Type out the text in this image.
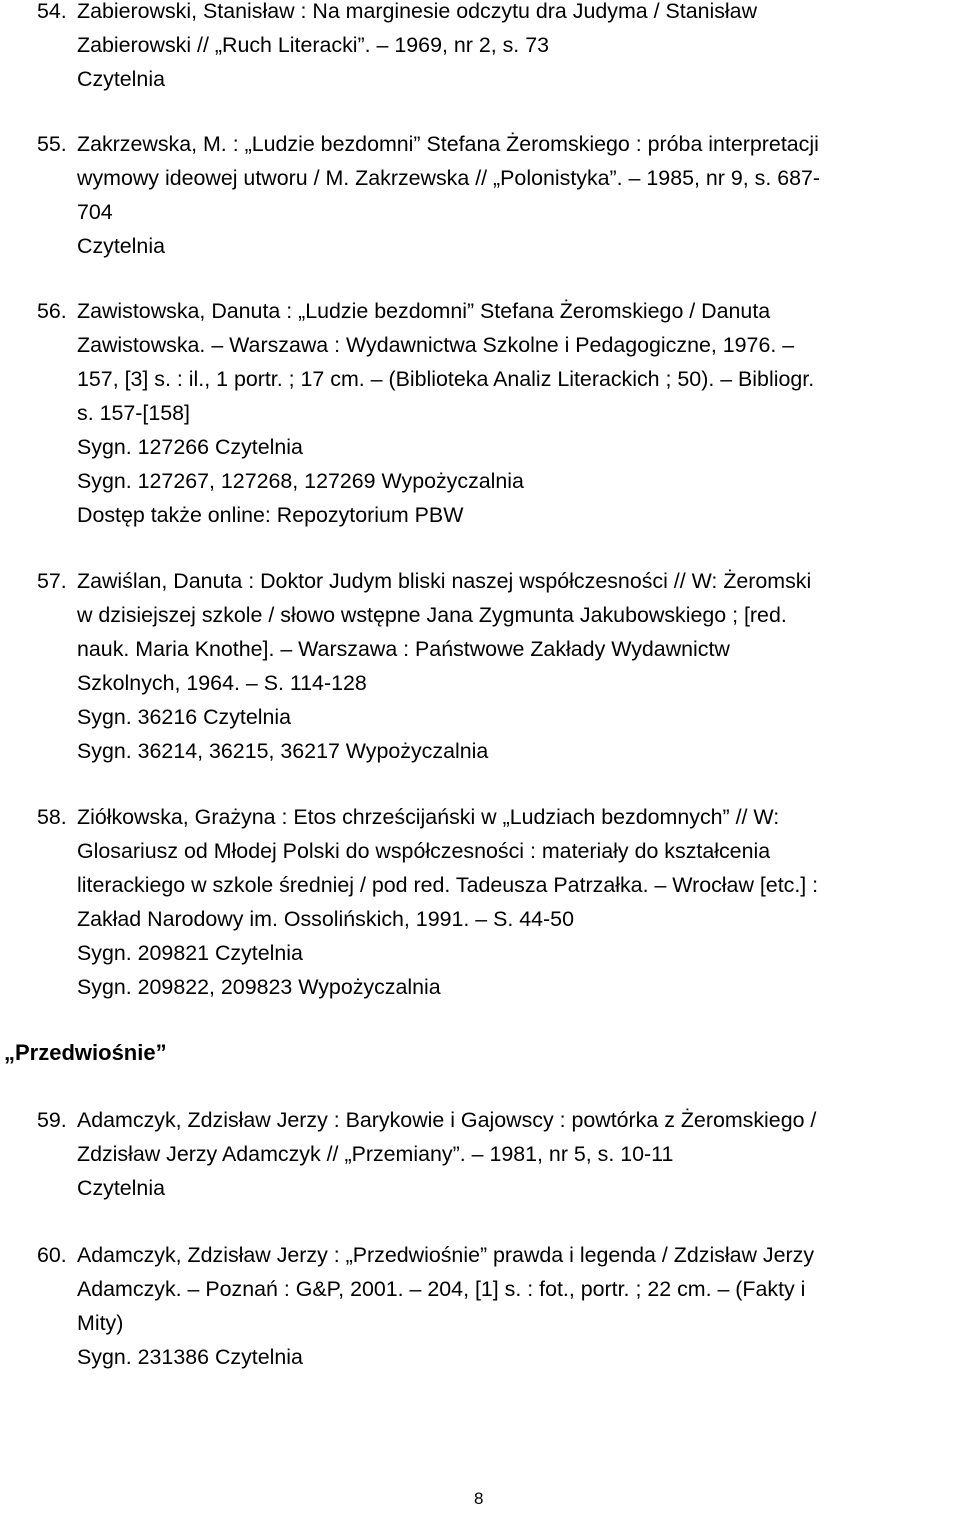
54. Zabierowski, Stanisław : Na marginesie odczytu dra Judyma / Stanisław
Zabierowski // „Ruch Literacki”. – 1969, nr 2, s. 73
Czytelnia
55. Zakrzewska, M. : „Ludzie bezdomni” Stefana Żeromskiego : próba interpretacji
wymowy ideowej utworu / M. Zakrzewska // „Polonistyka”. – 1985, nr 9, s. 687-
704
Czytelnia
56. Zawistowska, Danuta : „Ludzie bezdomni” Stefana Żeromskiego / Danuta
Zawistowska. – Warszawa : Wydawnictwa Szkolne i Pedagogiczne, 1976. –
157, [3] s. : il., 1 portr. ; 17 cm. – (Biblioteka Analiz Literackich ; 50). – Bibliogr.
s. 157-[158]
Sygn. 127266 Czytelnia
Sygn. 127267, 127268, 127269 Wypożyczalnia
Dostęp także online: Repozytorium PBW
57. Zawiślan, Danuta : Doktor Judym bliski naszej współczesności // W: Żeromski
w dzisiejszej szkole / słowo wstępne Jana Zygmunta Jakubowskiego ; [red.
nauk. Maria Knothe]. – Warszawa : Państwowe Zakłady Wydawnictw
Szkolnych, 1964. – S. 114-128
Sygn. 36216 Czytelnia
Sygn. 36214, 36215, 36217 Wypożyczalnia
58. Ziółkowska, Grażyna : Etos chrześcijański w „Ludziach bezdomnych” // W:
Glosariusz od Młodej Polski do współczesności : materiały do kształcenia
literackiego w szkole średniej / pod red. Tadeusza Patrzałka. – Wrocław [etc.] :
Zakład Narodowy im. Ossolińskich, 1991. – S. 44-50
Sygn. 209821 Czytelnia
Sygn. 209822, 209823 Wypożyczalnia
„Przedwiośnie”
59. Adamczyk, Zdzisław Jerzy : Barykowie i Gajowscy : powtórka z Żeromskiego /
Zdzisław Jerzy Adamczyk // „Przemiany”. – 1981, nr 5, s. 10-11
Czytelnia
60. Adamczyk, Zdzisław Jerzy : „Przedwiośnie” prawda i legenda / Zdzisław Jerzy
Adamczyk. – Poznań : G&P, 2001. – 204, [1] s. : fot., portr. ; 22 cm. – (Fakty i
Mity)
Sygn. 231386 Czytelnia
8
